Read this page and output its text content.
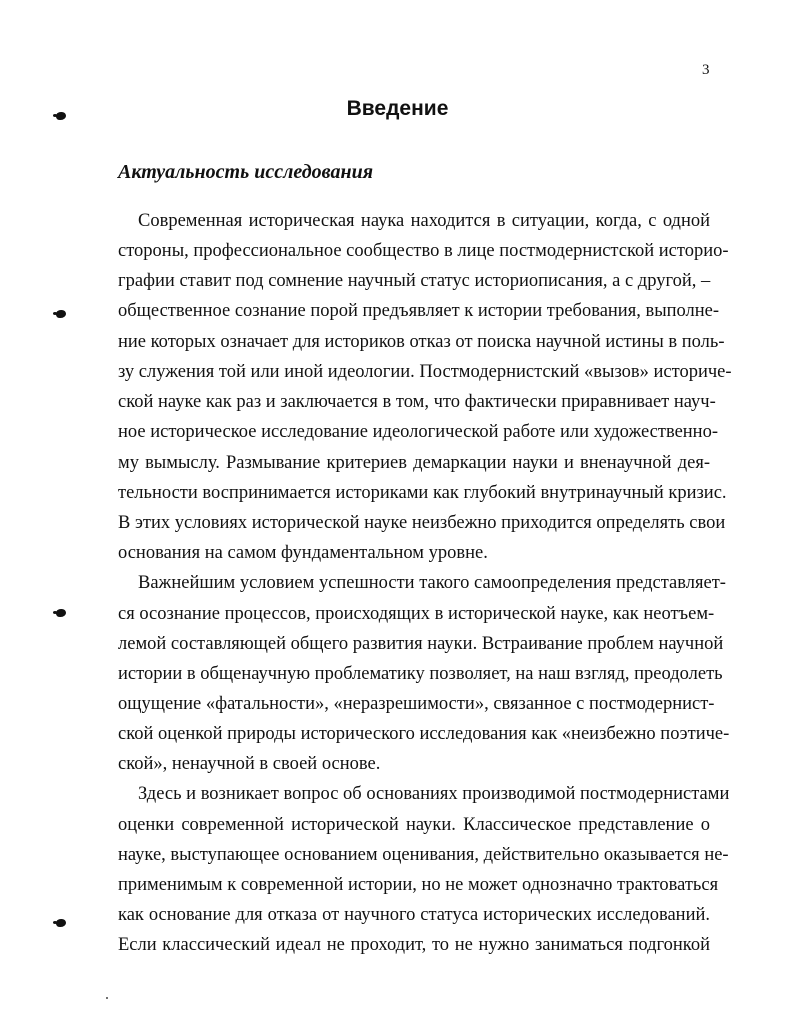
3
Введение
Актуальность исследования
Современная историческая наука находится в ситуации, когда, с одной
стороны, профессиональное сообщество в лице постмодернистской историо-
графии ставит под сомнение научный статус историописания, а с другой, –
общественное сознание порой предъявляет к истории требования, выполне-
ние которых означает для историков отказ от поиска научной истины в поль-
зу служения той или иной идеологии. Постмодернистский «вызов» историче-
ской науке как раз и заключается в том, что фактически приравнивает науч-
ное историческое исследование идеологической работе или художественно-
му вымыслу. Размывание критериев демаркации науки и вненаучной дея-
тельности воспринимается историками как глубокий внутринаучный кризис.
В этих условиях исторической науке неизбежно приходится определять свои
основания на самом фундаментальном уровне.
Важнейшим условием успешности такого самоопределения представляет-
ся осознание процессов, происходящих в исторической науке, как неотъем-
лемой составляющей общего развития науки. Встраивание проблем научной
истории в общенаучную проблематику позволяет, на наш взгляд, преодолеть
ощущение «фатальности», «неразрешимости», связанное с постмодернист-
ской оценкой природы исторического исследования как «неизбежно поэтиче-
ской», ненаучной в своей основе.
Здесь и возникает вопрос об основаниях производимой постмодернистами
оценки современной исторической науки. Классическое представление о
науке, выступающее основанием оценивания, действительно оказывается не-
применимым к современной истории, но не может однозначно трактоваться
как основание для отказа от научного статуса исторических исследований.
Если классический идеал не проходит, то не нужно заниматься подгонкой
